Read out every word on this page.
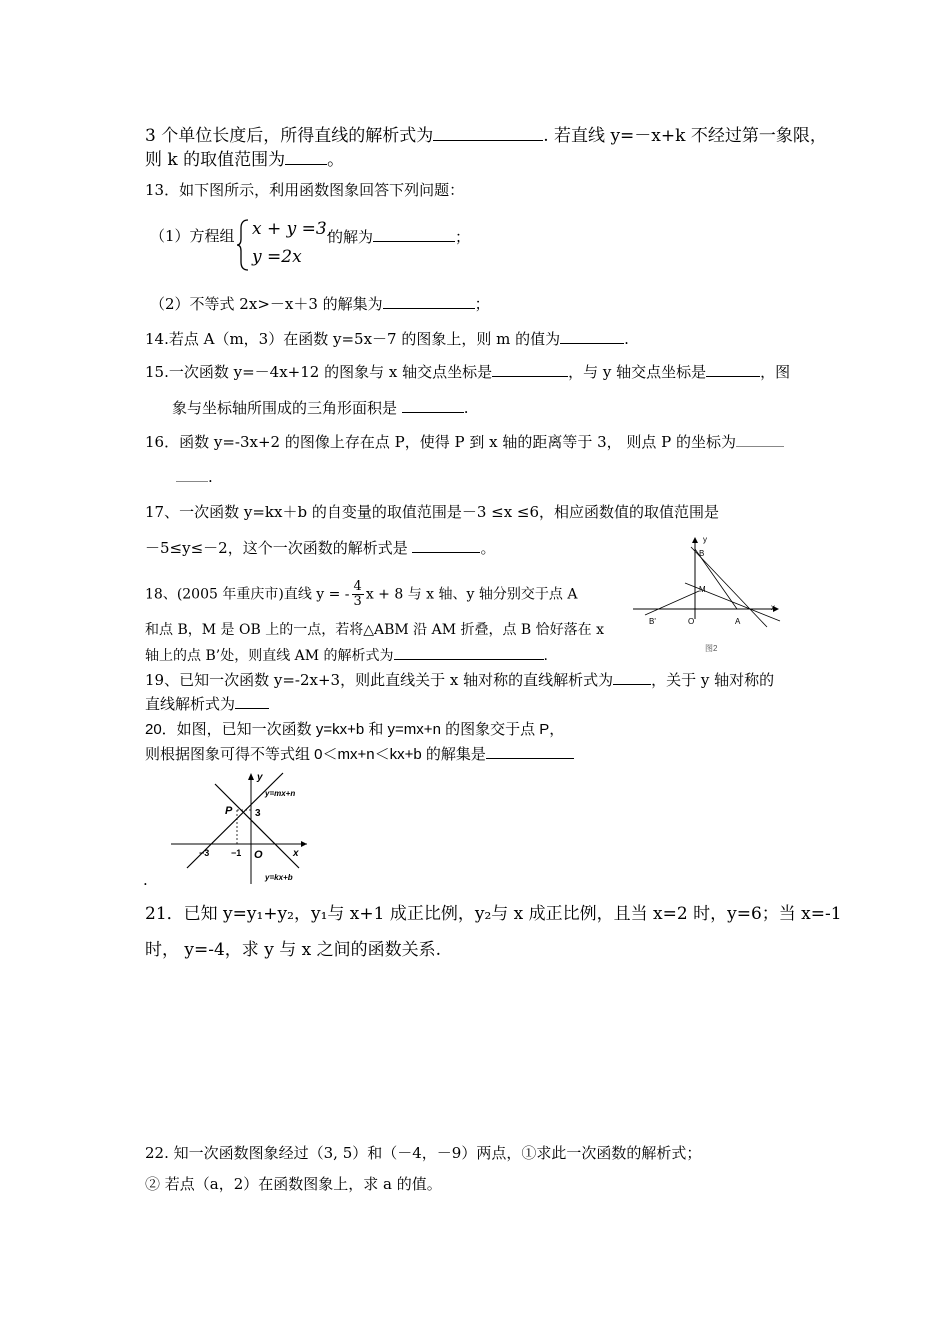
3 个单位长度后，所得直线的解析式为	. 若直线 y=－x+k 不经过第一象限，
则 k 的取值范围为 。
13．如下图所示，利用函数图象回答下列问题：
（1）方程组 x + y =3,
y =2x
的解为	；
（2）不等式 2x>－x＋3 的解集为	；
14.若点 A（m，3）在函数 y=5x－7 的图象上，则 m 的值为	.
15.一次函数 y=－4x+12 的图象与 x 轴交点坐标是	，与 y 轴交点坐标是	，图
象与坐标轴所围成的三角形面积是	.
16．函数 y=-3x+2 的图像上存在点 P，使得 P 到 x 轴的距离等于 3， 则点 P 的坐标为
.
17、一次函数 y=kx＋b 的自变量的取值范围是－3 ≤x ≤6，相应函数值的取值范围是
－5≤y≤－2，这个一次函数的解析式是	。
18、(2005 年重庆市)直线 y = - $\frac{4}{3}$ x + 8 与 x 轴、y 轴分别交于点 A
和点 B，M 是 OB 上的一点，若将△ABM 沿 AM 折叠，点 B 恰好落在 x
轴上的点 B’处，则直线 AM 的解析式为	.
y
x
B
M
B'	O	A
图2
19、已知一次函数 y=-2x+3，则此直线关于 x 轴对称的直线解析式为	，关于 y 轴对称的
直线解析式为
20．如图，已知一次函数 y=kx+b 和 y=mx+n 的图象交于点 P，
则根据图象可得不等式组 0＜mx+n＜kx+b 的解集是
y
x
y=mx+n
y=kx+b
P 3
−3 −1 O
.
21．已知 y=y₁+y₂，y₁与 x+1 成正比例，y₂与 x 成正比例，且当 x=2 时，y=6；当 x=-1
时， y=-4，求 y 与 x 之间的函数关系.
22. 知一次函数图象经过（3, 5）和（－4，－9）两点，①求此一次函数的解析式；
② 若点（a，2）在函数图象上，求 a 的值。
